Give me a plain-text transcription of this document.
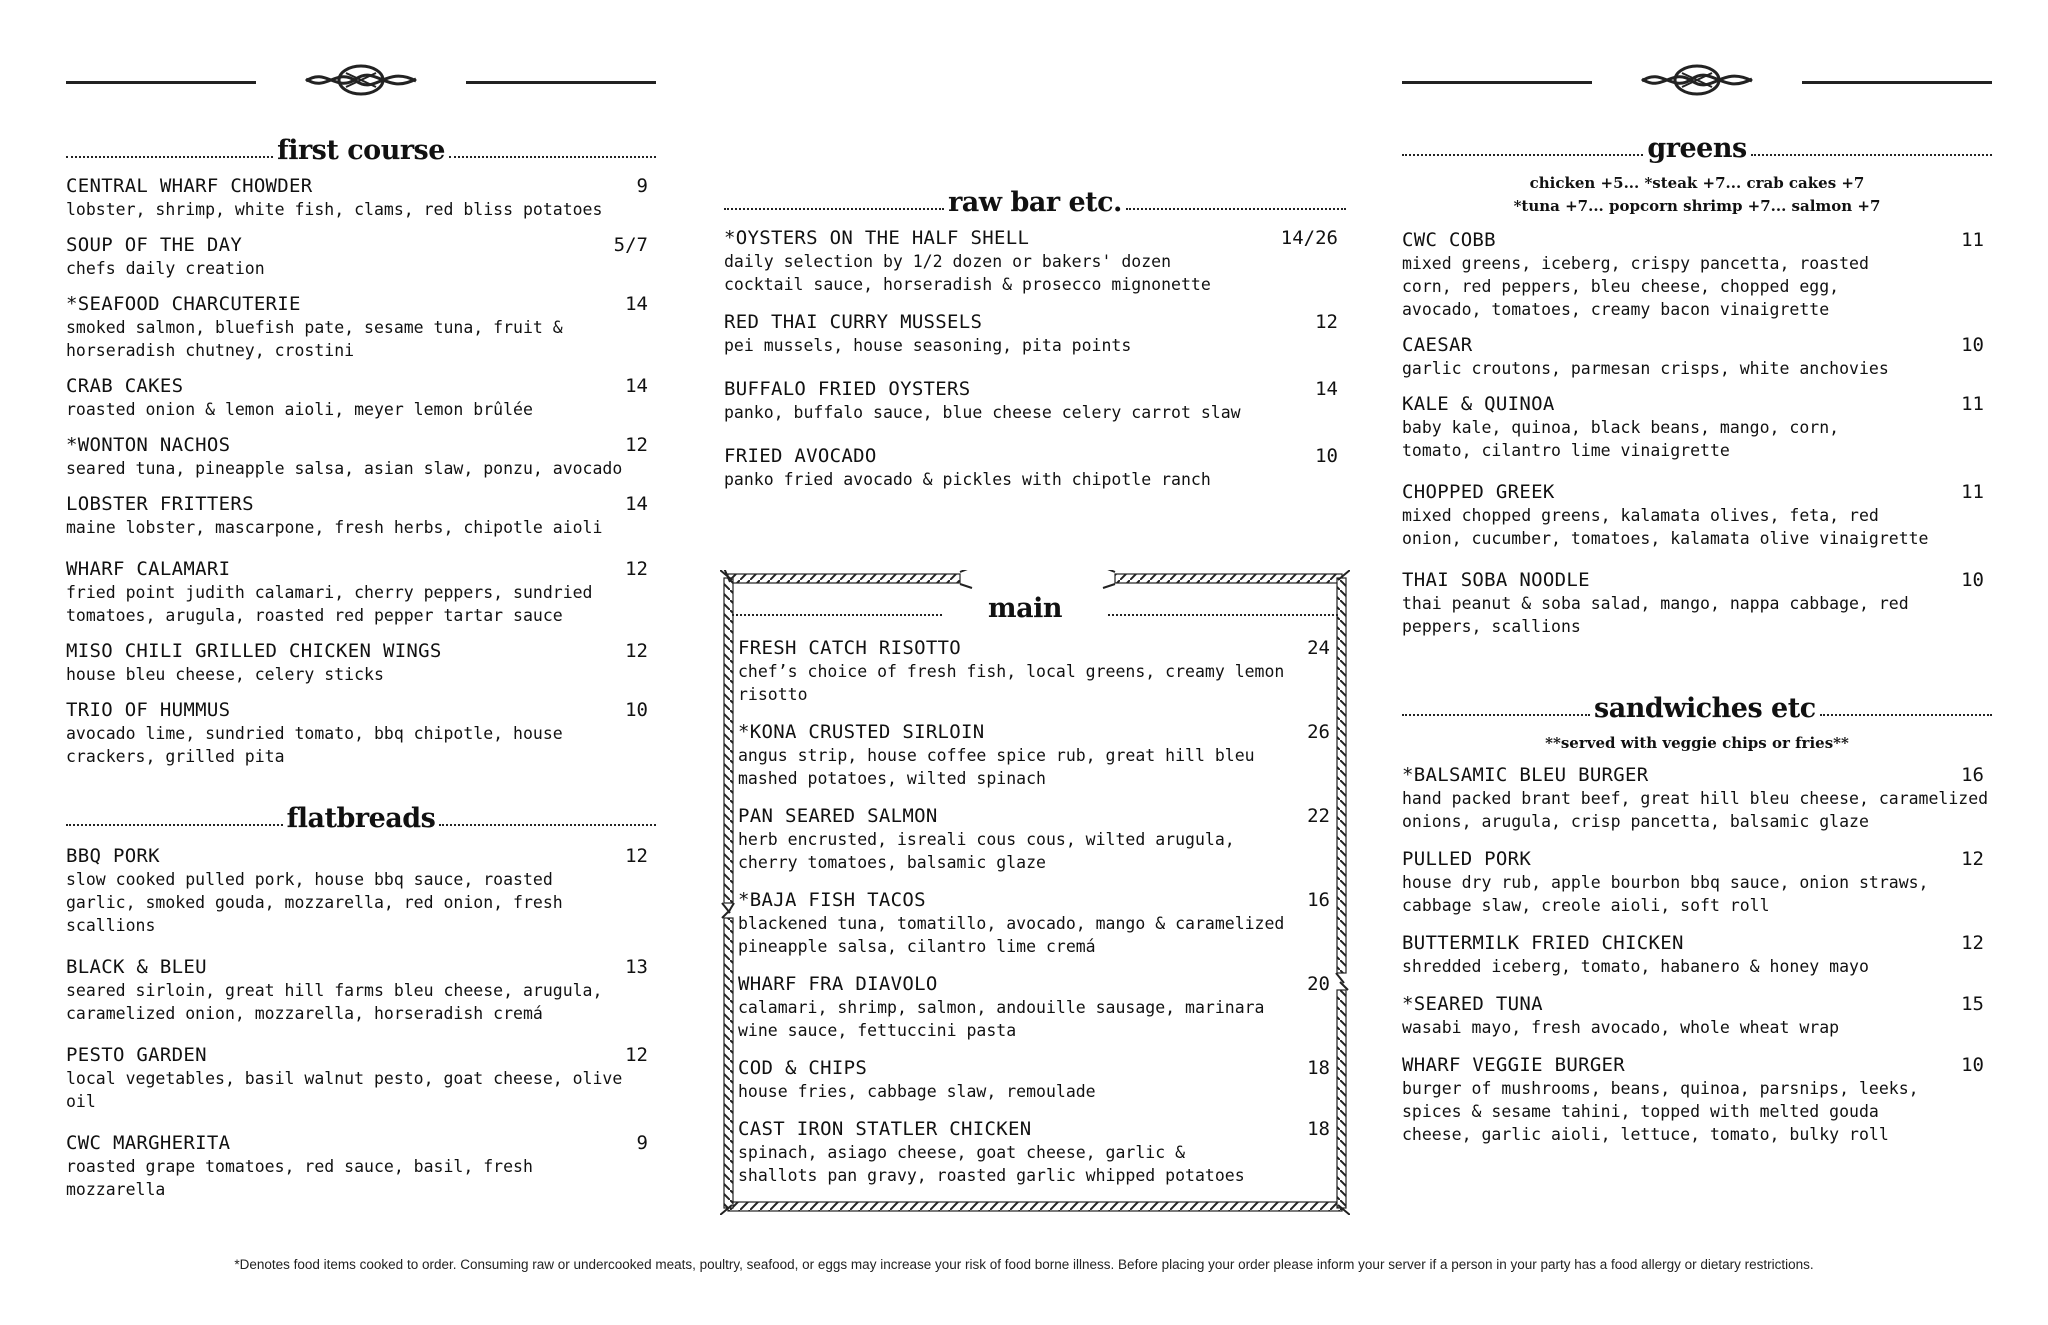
first course
CENTRAL WHARF CHOWDER	9
lobster, shrimp, white fish, clams, red bliss potatoes
SOUP OF THE DAY	5/7
chefs daily creation
*SEAFOOD CHARCUTERIE	14
smoked salmon, bluefish pate, sesame tuna, fruit & horseradish chutney, crostini
CRAB CAKES	14
roasted onion & lemon aioli, meyer lemon brûlée
*WONTON NACHOS	12
seared tuna, pineapple salsa, asian slaw, ponzu, avocado
LOBSTER FRITTERS	14
maine lobster, mascarpone, fresh herbs, chipotle aioli
WHARF CALAMARI	12
fried point judith calamari, cherry peppers, sundried tomatoes, arugula, roasted red pepper tartar sauce
MISO CHILI GRILLED CHICKEN WINGS	12
house bleu cheese, celery sticks
TRIO OF HUMMUS	10
avocado lime, sundried tomato, bbq chipotle, house crackers, grilled pita
flatbreads
BBQ PORK	12
slow cooked pulled pork, house bbq sauce, roasted garlic, smoked gouda, mozzarella, red onion, fresh scallions
BLACK & BLEU	13
seared sirloin, great hill farms bleu cheese, arugula, caramelized onion, mozzarella, horseradish cremá
PESTO GARDEN	12
local vegetables, basil walnut pesto, goat cheese, olive oil
CWC MARGHERITA	9
roasted grape tomatoes, red sauce, basil, fresh mozzarella
raw bar etc.
*OYSTERS ON THE HALF SHELL	14/26
daily selection by 1/2 dozen or bakers' dozen cocktail sauce, horseradish & prosecco mignonette
RED THAI CURRY MUSSELS	12
pei mussels, house seasoning, pita points
BUFFALO FRIED OYSTERS	14
panko, buffalo sauce, blue cheese celery carrot slaw
FRIED AVOCADO	10
panko fried avocado & pickles with chipotle ranch
main
FRESH CATCH RISOTTO	24
chef’s choice of fresh fish, local greens, creamy lemon risotto
*KONA CRUSTED SIRLOIN	26
angus strip, house coffee spice rub, great hill bleu mashed potatoes, wilted spinach
PAN SEARED SALMON	22
herb encrusted, isreali cous cous, wilted arugula, cherry tomatoes, balsamic glaze
*BAJA FISH TACOS	16
blackened tuna, tomatillo, avocado, mango & caramelized pineapple salsa, cilantro lime cremá
WHARF FRA DIAVOLO	20
calamari, shrimp, salmon, andouille sausage, marinara wine sauce, fettuccini pasta
COD & CHIPS	18
house fries, cabbage slaw, remoulade
CAST IRON STATLER CHICKEN	18
spinach, asiago cheese, goat cheese, garlic & shallots pan gravy, roasted garlic whipped potatoes
greens
chicken +5... *steak +7... crab cakes +7
*tuna +7... popcorn shrimp +7... salmon +7
CWC COBB	11
mixed greens, iceberg, crispy pancetta, roasted corn, red peppers, bleu cheese, chopped egg, avocado, tomatoes, creamy bacon vinaigrette
CAESAR	10
garlic croutons, parmesan crisps, white anchovies
KALE & QUINOA	11
baby kale, quinoa, black beans, mango, corn, tomato, cilantro lime vinaigrette
CHOPPED GREEK	11
mixed chopped greens, kalamata olives, feta, red onion, cucumber, tomatoes, kalamata olive vinaigrette
THAI SOBA NOODLE	10
thai peanut & soba salad, mango, nappa cabbage, red peppers, scallions
sandwiches etc
**served with veggie chips or fries**
*BALSAMIC BLEU BURGER	16
hand packed brant beef, great hill bleu cheese, caramelized onions, arugula, crisp pancetta, balsamic glaze
PULLED PORK	12
house dry rub, apple bourbon bbq sauce, onion straws, cabbage slaw, creole aioli, soft roll
BUTTERMILK FRIED CHICKEN	12
shredded iceberg, tomato, habanero & honey mayo
*SEARED TUNA	15
wasabi mayo, fresh avocado, whole wheat wrap
WHARF VEGGIE BURGER	10
burger of mushrooms, beans, quinoa, parsnips, leeks, spices & sesame tahini, topped with melted gouda cheese, garlic aioli, lettuce, tomato, bulky roll
*Denotes food items cooked to order. Consuming raw or undercooked meats, poultry, seafood, or eggs may increase your risk of food borne illness. Before placing your order please inform your server if a person in your party has a food allergy or dietary restrictions.
